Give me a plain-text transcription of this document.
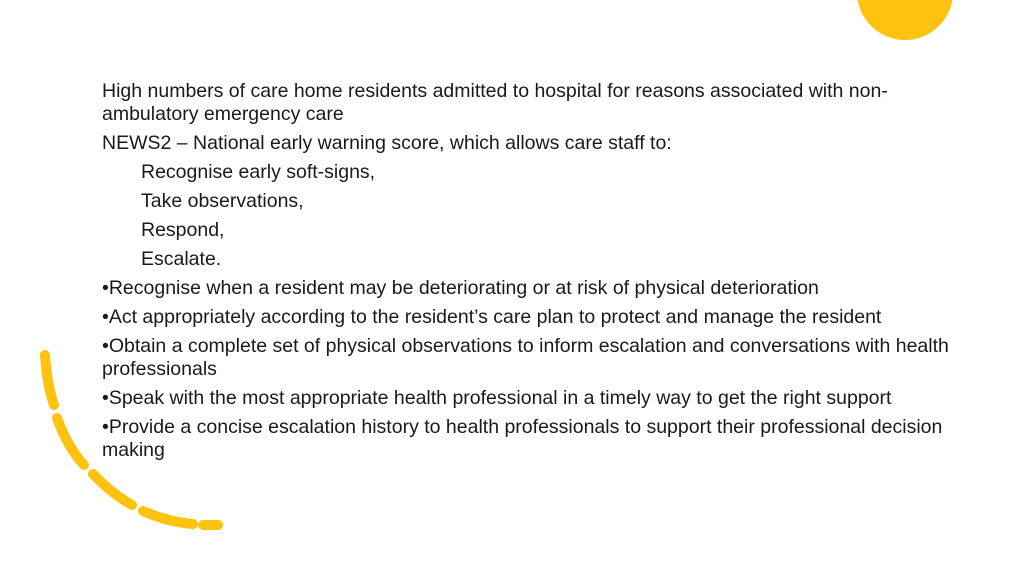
High numbers of care home residents admitted to hospital for reasons associated with non-ambulatory emergency care
NEWS2 – National early warning score, which allows care staff to:
Recognise early soft-signs,
Take observations,
Respond,
Escalate.
•Recognise when a resident may be deteriorating or at risk of physical deterioration
•Act appropriately according to the resident’s care plan to protect and manage the resident
•Obtain a complete set of physical observations to inform escalation and conversations with health professionals
•Speak with the most appropriate health professional in a timely way to get the right support
•Provide a concise escalation history to health professionals to support their professional decision making
